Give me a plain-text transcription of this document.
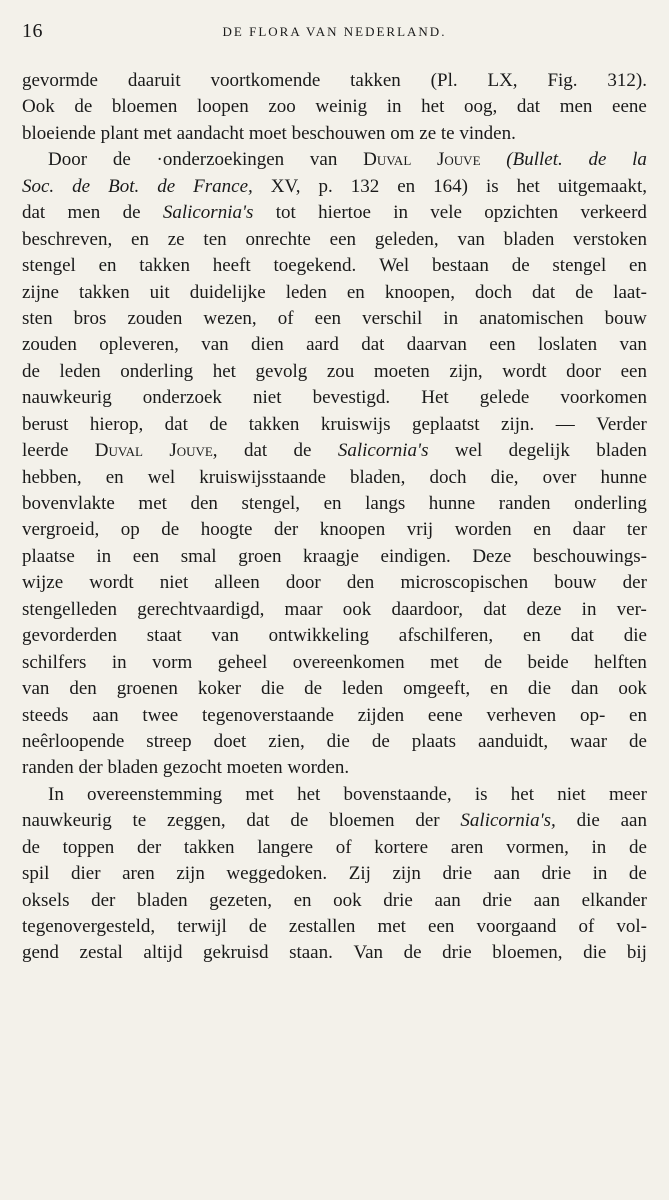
16	DE FLORA VAN NEDERLAND.
gevormde daaruit voortkomende takken (Pl. LX, Fig. 312).
Ook de bloemen loopen zoo weinig in het oog, dat men eene
bloeiende plant met aandacht moet beschouwen om ze te vinden.
Door de ·onderzoekingen van Duval Jouve (Bullet. de la
Soc. de Bot. de France, XV, p. 132 en 164) is het uitgemaakt,
dat men de Salicornia's tot hiertoe in vele opzichten verkeerd
beschreven, en ze ten onrechte een geleden, van bladen verstoken
stengel en takken heeft toegekend. Wel bestaan de stengel en
zijne takken uit duidelijke leden en knoopen, doch dat de laat-
sten bros zouden wezen, of een verschil in anatomischen bouw
zouden opleveren, van dien aard dat daarvan een loslaten van
de leden onderling het gevolg zou moeten zijn, wordt door een
nauwkeurig onderzoek niet bevestigd. Het gelede voorkomen
berust hierop, dat de takken kruiswijs geplaatst zijn. — Verder
leerde Duval Jouve, dat de Salicornia's wel degelijk bladen
hebben, en wel kruiswijsstaande bladen, doch die, over hunne
bovenvlakte met den stengel, en langs hunne randen onderling
vergroeid, op de hoogte der knoopen vrij worden en daar ter
plaatse in een smal groen kraagje eindigen. Deze beschouwings-
wijze wordt niet alleen door den microscopischen bouw der
stengelleden gerechtvaardigd, maar ook daardoor, dat deze in ver-
gevorderden staat van ontwikkeling afschilferen, en dat die
schilfers in vorm geheel overeenkomen met de beide helften
van den groenen koker die de leden omgeeft, en die dan ook
steeds aan twee tegenoverstaande zijden eene verheven op- en
neêrloopende streep doet zien, die de plaats aanduidt, waar de
randen der bladen gezocht moeten worden.
In overeenstemming met het bovenstaande, is het niet meer
nauwkeurig te zeggen, dat de bloemen der Salicornia's, die aan
de toppen der takken langere of kortere aren vormen, in de
spil dier aren zijn weggedoken. Zij zijn drie aan drie in de
oksels der bladen gezeten, en ook drie aan drie aan elkander
tegenovergesteld, terwijl de zestallen met een voorgaand of vol-
gend zestal altijd gekruisd staan. Van de drie bloemen, die bij
